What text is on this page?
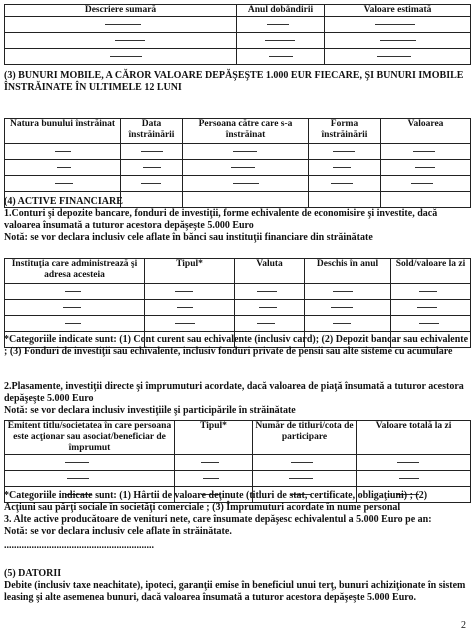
Descriere sumară	Anul dobândirii	Valoare estimată

(3) BUNURI MOBILE, A CĂROR VALOARE DEPĂŞEŞTE 1.000 EUR FIECARE, ŞI BUNURI IMOBILE ÎNSTRĂINATE ÎN ULTIMELE 12 LUNI
Natura bunului înstrăinat	Data înstrăinării	Persoana către care s-a înstrăinat	Forma înstrăinării	Valoarea

(4) ACTIVE FINANCIARE
1.Conturi şi depozite bancare, fonduri de investiţii, forme echivalente de economisire şi investite, dacă valoarea însumată a tuturor acestora depăşeşte 5.000 Euro
Notă: se vor declara inclusiv cele aflate în bănci sau instituţii financiare din străinătate
Instituţia care administrează şi adresa acesteia	Tipul*	Valuta	Deschis în anul	Sold/valoare la zi

*Categoriile indicate sunt: (1) Cont curent sau echivalente (inclusiv card); (2) Depozit bancar sau echivalente ; (3) Fonduri de investiţii sau echivalente, inclusiv fonduri private de pensii sau alte sisteme cu acumulare
2.Plasamente, investiţii directe şi împrumuturi acordate, dacă valoarea de piaţă însumată a tuturor acestora depăşeşte 5.000 Euro
Notă: se vor declara inclusiv investiţiile şi participările în străinătate
Emitent titlu/societatea în care persoana este acţionar sau asociat/beneficiar de împrumut	Tipul*	Număr de titluri/cota de participare	Valoare totală la zi

*Categoriile indicate sunt: (1) Hârtii de valoare deţinute (titluri de stat, certificate, obligaţiuni) ; (2)
Acţiuni sau părţi sociale în societăţi comerciale ; (3) Împrumuturi acordate în nume personal
3. Alte active producătoare de venituri nete, care însumate depăşesc echivalentul a 5.000 Euro pe an:
Notă: se vor declara inclusiv cele aflate în străinătate.
............................................................
(5) DATORII
Debite (inclusiv taxe neachitate), ipoteci, garanţii emise în beneficiul unui terţ, bunuri achiziţionate în sistem leasing şi alte asemenea bunuri, dacă valoarea însumată a tuturor acestora depăşeşte 5.000 Euro.
2
